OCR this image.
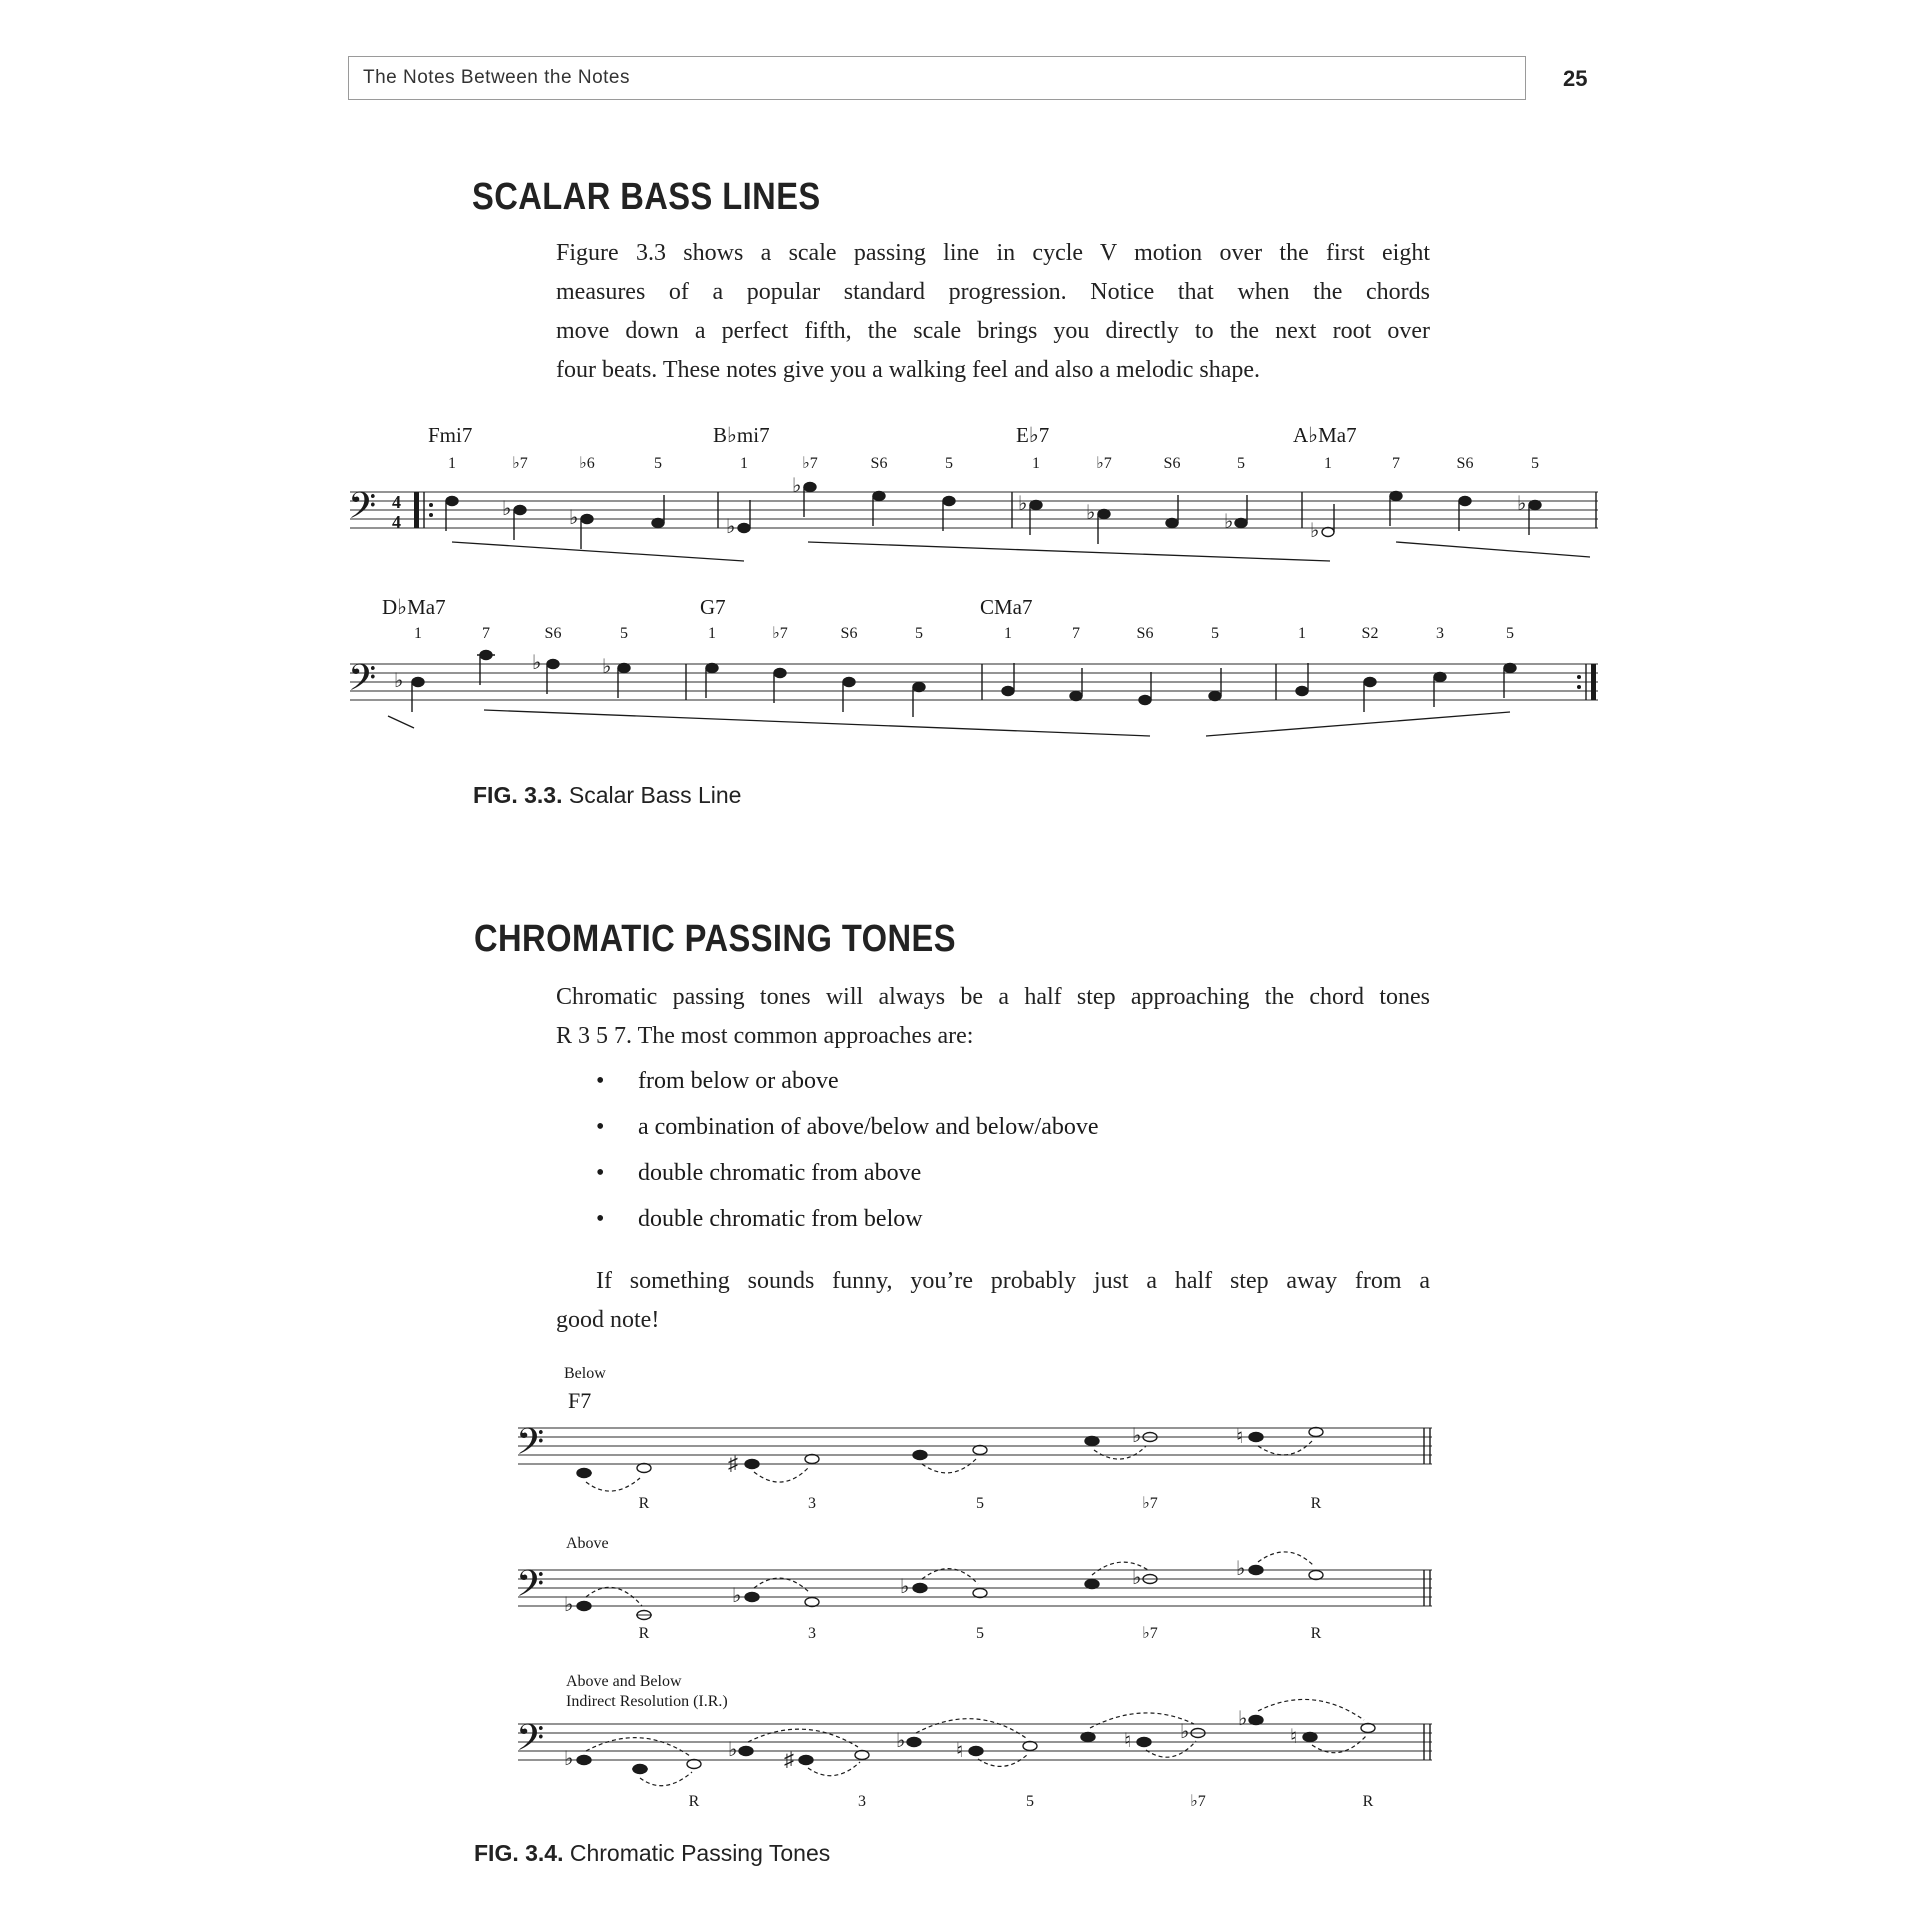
The Notes Between the Notes	25
SCALAR BASS LINES
Figure 3.3 shows a scale passing line in cycle V motion over the first eight
measures of a popular standard progression. Notice that when the chords
move down a perfect fifth, the scale brings you directly to the next root over
four beats. These notes give you a walking feel and also a melodic shape.
Fmi7	B♭mi7	E♭7	A♭Ma7
1	♭7	♭6	5	1	♭7	S6	5	1	♭7	S6	5	1	7	S6	5
𝄢 4
4
♭	♭	♭
♭
♭	♭	♭	♭
♭
D♭Ma7	G7	CMa7
1	7	S6	5	1	♭7	S6	5	1	7	S6	5	1	S2	3	5
𝄢 ♭
♭	♭
FIG. 3.3. Scalar Bass Line
CHROMATIC PASSING TONES
Chromatic passing tones will always be a half step approaching the chord tones
R 3 5 7. The most common approaches are:
• from below or above
• a combination of above/below and below/above
• double chromatic from above
• double chromatic from below
If something sounds funny, you’re probably just a half step away from a
good note!
Below
F7
𝄢	♯
♭	♮
R	3	5	♭7	R
Above
𝄢 ♭	♭	♭	♭	♭
R	3	5	♭7	R
Above and Below
Indirect Resolution (I.R.)
𝄢 ♭	♭ ♯
♭	♮	♮ ♭
♭
♮
R	3	5	♭7	R
FIG. 3.4. Chromatic Passing Tones
